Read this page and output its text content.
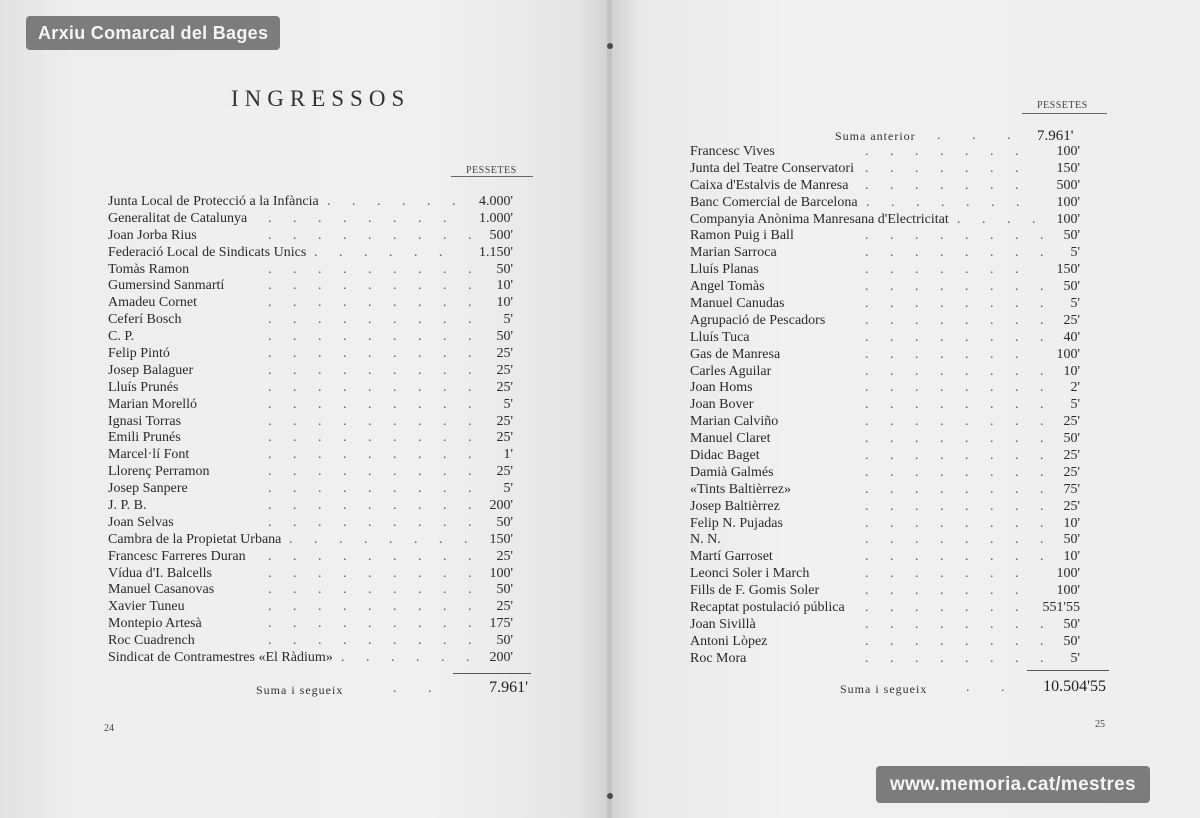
INGRESSOS
PESSETES
Junta Local de Protecció a la Infància . . . . . . 4.000'
Generalitat de Catalunya . . . . . . . . 1.000'
Joan Jorba Rius	. . . . . . . . . 500'
Federació Local de Sindicats Unics . . . . . . 1.150'
Tomàs Ramon	. . . . . . . . . 50'
Gumersind Sanmartí	. . . . . . . . . 10'
Amadeu Cornet	. . . . . . . . . 10'
Ceferí Bosch	. . . . . . . . . 5'
C. P.	. . . . . . . . . 50'
Felip Pintó	. . . . . . . . . 25'
Josep Balaguer	. . . . . . . . . 25'
Lluís Prunés	. . . . . . . . . 25'
Marian Morelló	. . . . . . . . . 5'
Ignasi Torras	. . . . . . . . . 25'
Emili Prunés	. . . . . . . . . 25'
Marcel·lí Font	. . . . . . . . . 1'
Llorenç Perramon	. . . . . . . . . 25'
Josep Sanpere	. . . . . . . . . 5'
J. P. B.	. . . . . . . . . 200'
Joan Selvas	. . . . . . . . . 50'
Cambra de la Propietat Urbana . . . . . . . . 150'
Francesc Farreres Duran . . . . . . . . . 25'
Vídua d'I. Balcells	. . . . . . . . . 100'
Manuel Casanovas	. . . . . . . . . 50'
Xavier Tuneu	. . . . . . . . . 25'
Montepio Artesà	. . . . . . . . . 175'
Roc Cuadrench	. . . . . . . . . 50'
Sindicat de Contramestres «El Ràdium» . . . . . . 200'
Suma i segueix	. .	7.961'
24
PESSETES
Suma anterior . . . 7.961'
Francesc Vives	. . . . . . . 100'
Junta del Teatre Conservatori . . . . . . . 150'
Caixa d'Estalvis de Manresa . . . . . . . 500'
Banc Comercial de Barcelona . . . . . . . 100'
Companyia Anònima Manresana d'Electricitat . . . . 100'
Ramon Puig i Ball	. . . . . . . . 50'
Marian Sarroca	. . . . . . . . 5'
Lluís Planas	. . . . . . . 150'
Angel Tomàs	. . . . . . . . 50'
Manuel Canudas	. . . . . . . . 5'
Agrupació de Pescadors	. . . . . . . . 25'
Lluís Tuca	. . . . . . . . 40'
Gas de Manresa	. . . . . . . 100'
Carles Aguilar	. . . . . . . . 10'
Joan Homs	. . . . . . . . 2'
Joan Bover	. . . . . . . . 5'
Marian Calviño	. . . . . . . . 25'
Manuel Claret	. . . . . . . . 50'
Didac Baget	. . . . . . . . 25'
Damià Galmés	. . . . . . . . 25'
«Tints Baltièrrez»	. . . . . . . . 75'
Josep Baltièrrez	. . . . . . . . 25'
Felip N. Pujadas	. . . . . . . . 10'
N. N.	. . . . . . . . 50'
Martí Garroset	. . . . . . . . 10'
Leonci Soler i March	. . . . . . . 100'
Fills de F. Gomis Soler	. . . . . . . 100'
Recaptat postulació pública . . . . . . . 551'55
Joan Sivillà	. . . . . . . . 50'
Antoni Lòpez	. . . . . . . . 50'
Roc Mora	. . . . . . . . 5'
Suma i segueix	. .	10.504'55
25
Arxiu Comarcal del Bages
www.memoria.cat/mestres
